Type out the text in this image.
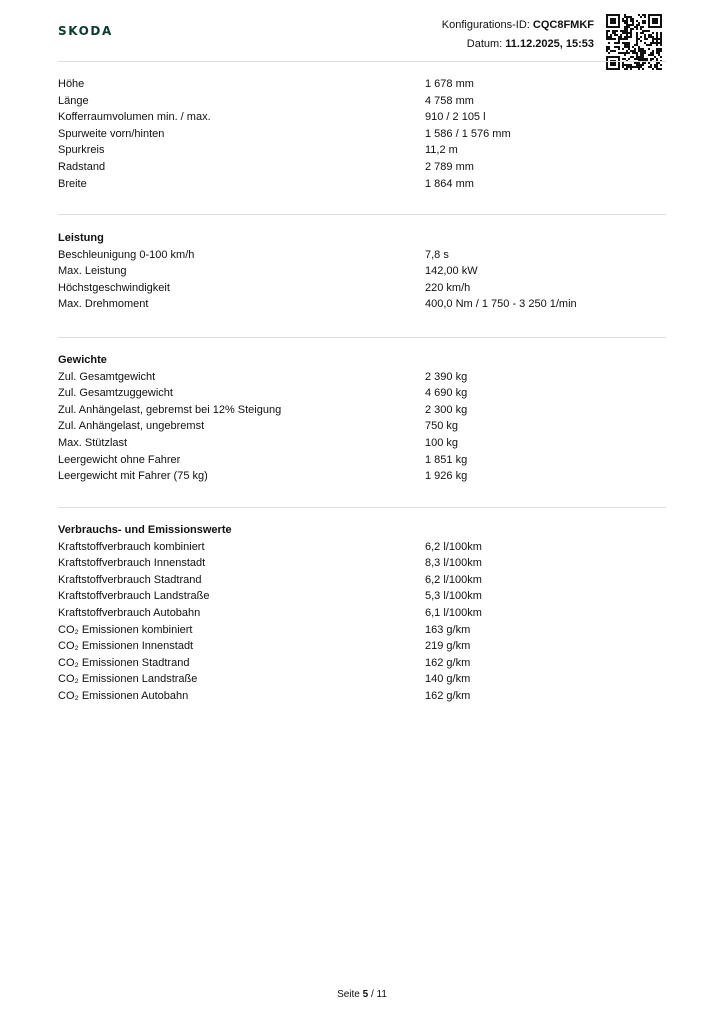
SKODA	Konfigurations-ID: CQC8FMKF
Datum: 11.12.2025, 15:53
Höhe	1 678 mm
Länge	4 758 mm
Kofferraumvolumen min. / max.	910 / 2 105 l
Spurweite vorn/hinten	1 586 / 1 576 mm
Spurkreis	11,2 m
Radstand	2 789 mm
Breite	1 864 mm
Leistung
Beschleunigung 0-100 km/h	7,8 s
Max. Leistung	142,00 kW
Höchstgeschwindigkeit	220 km/h
Max. Drehmoment	400,0 Nm / 1 750 - 3 250 1/min
Gewichte
Zul. Gesamtgewicht	2 390 kg
Zul. Gesamtzuggewicht	4 690 kg
Zul. Anhängelast, gebremst bei 12% Steigung	2 300 kg
Zul. Anhängelast, ungebremst	750 kg
Max. Stützlast	100 kg
Leergewicht ohne Fahrer	1 851 kg
Leergewicht mit Fahrer (75 kg)	1 926 kg
Verbrauchs- und Emissionswerte
Kraftstoffverbrauch kombiniert	6,2 l/100km
Kraftstoffverbrauch Innenstadt	8,3 l/100km
Kraftstoffverbrauch Stadtrand	6,2 l/100km
Kraftstoffverbrauch Landstraße	5,3 l/100km
Kraftstoffverbrauch Autobahn	6,1 l/100km
CO₂ Emissionen kombiniert	163 g/km
CO₂ Emissionen Innenstadt	219 g/km
CO₂ Emissionen Stadtrand	162 g/km
CO₂ Emissionen Landstraße	140 g/km
CO₂ Emissionen Autobahn	162 g/km
Seite 5 / 11
